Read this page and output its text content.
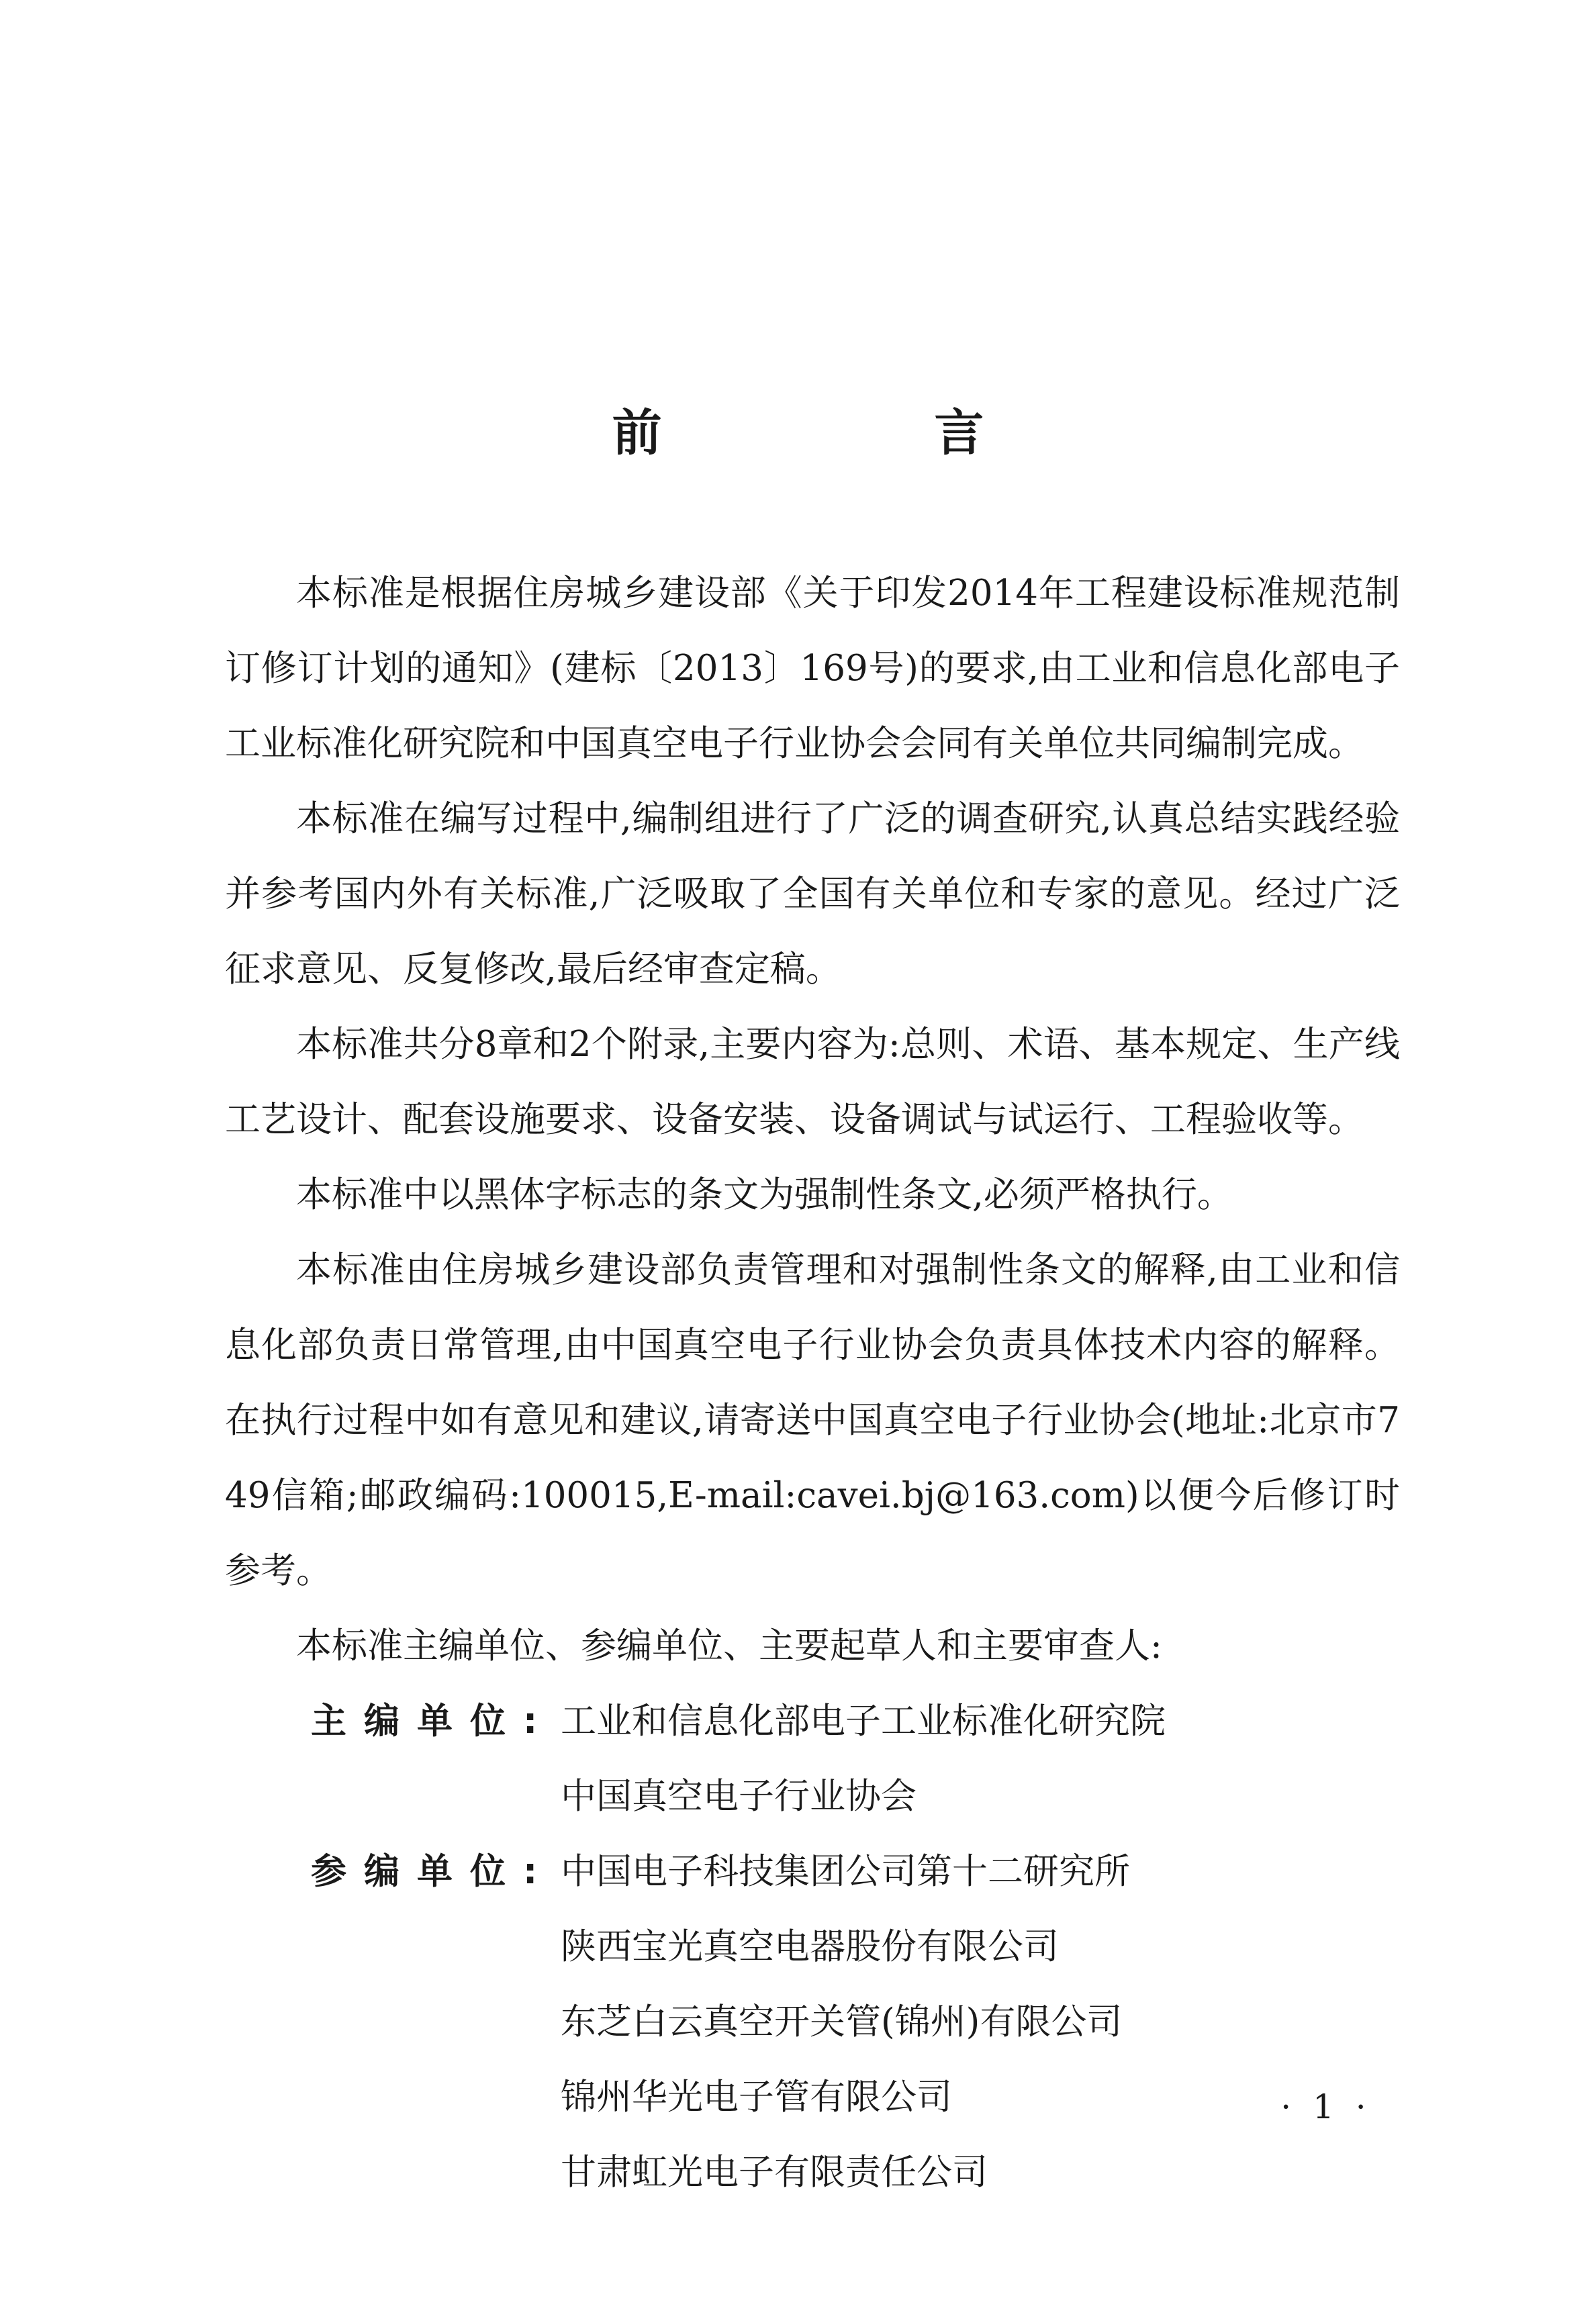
前 言

本标准是根据住房城乡建设部《关于印发2014年工程建设标准规范制订修订计划的通知》(建标〔2013〕169号)的要求,由工业和信息化部电子工业标准化研究院和中国真空电子行业协会会同有关单位共同编制完成。

本标准在编写过程中,编制组进行了广泛的调查研究,认真总结实践经验并参考国内外有关标准,广泛吸取了全国有关单位和专家的意见。经过广泛征求意见、反复修改,最后经审查定稿。

本标准共分8章和2个附录,主要内容为:总则、术语、基本规定、生产线工艺设计、配套设施要求、设备安装、设备调试与试运行、工程验收等。

本标准中以黑体字标志的条文为强制性条文,必须严格执行。

本标准由住房城乡建设部负责管理和对强制性条文的解释,由工业和信息化部负责日常管理,由中国真空电子行业协会负责具体技术内容的解释。在执行过程中如有意见和建议,请寄送中国真空电子行业协会(地址:北京市749信箱;邮政编码:100015,E-mail:cavei.bj@163.com)以便今后修订时参考。

本标准主编单位、参编单位、主要起草人和主要审查人:

主编单位: 工业和信息化部电子工业标准化研究院
中国真空电子行业协会
参编单位: 中国电子科技集团公司第十二研究所
陕西宝光真空电器股份有限公司
东芝白云真空开关管(锦州)有限公司
锦州华光电子管有限公司
甘肃虹光电子有限责任公司
· 1 ·
